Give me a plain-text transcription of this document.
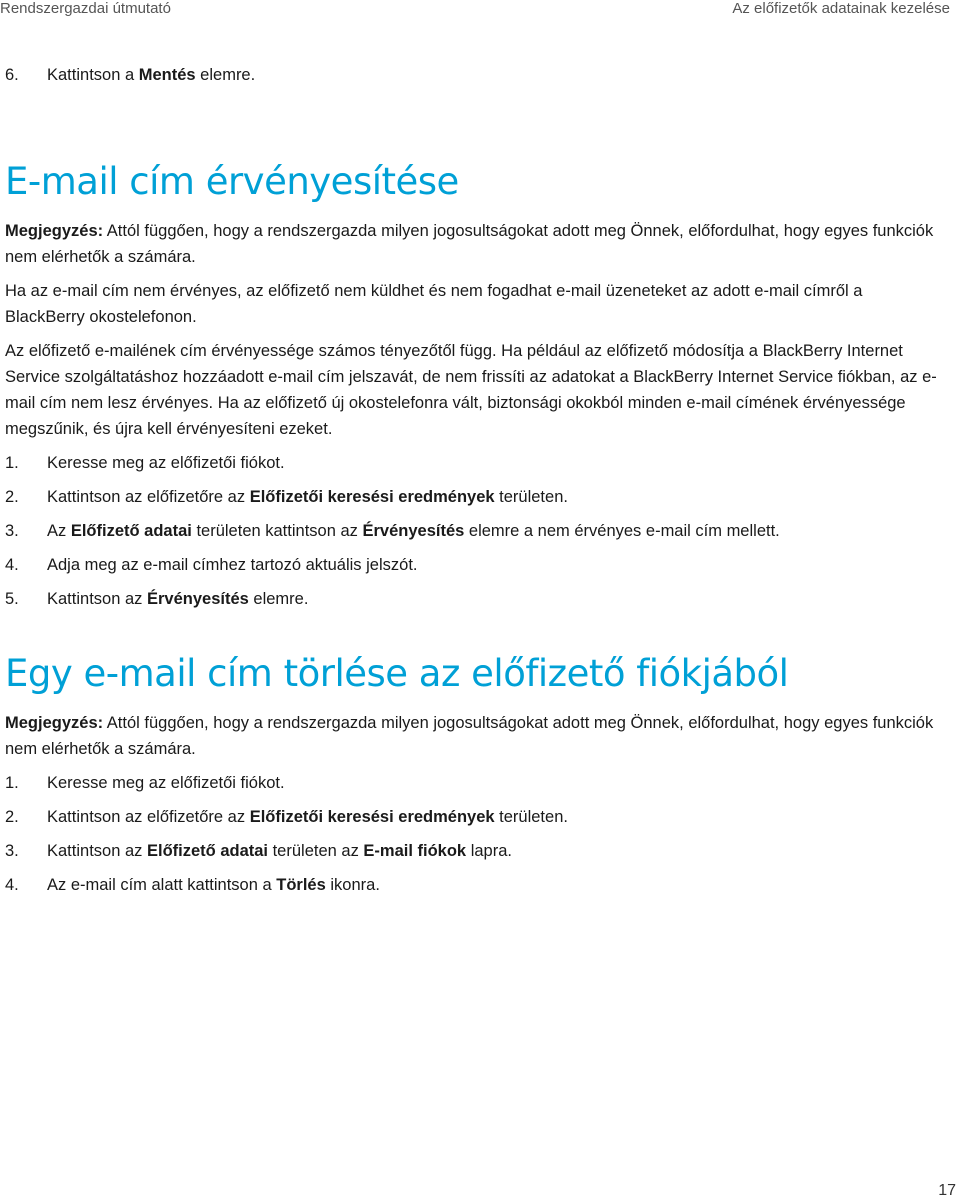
Rendszergazdai útmutató	Az előfizetők adatainak kezelése

6.	Kattintson a Mentés elemre.

E-mail cím érvényesítése

Megjegyzés: Attól függően, hogy a rendszergazda milyen jogosultságokat adott meg Önnek, előfordulhat, hogy egyes funkciók nem elérhetők a számára.

Ha az e-mail cím nem érvényes, az előfizető nem küldhet és nem fogadhat e-mail üzeneteket az adott e-mail címről a BlackBerry okostelefonon.

Az előfizető e-mailének cím érvényessége számos tényezőtől függ. Ha például az előfizető módosítja a BlackBerry Internet Service szolgáltatáshoz hozzáadott e-mail cím jelszavát, de nem frissíti az adatokat a BlackBerry Internet Service fiókban, az e-mail cím nem lesz érvényes. Ha az előfizető új okostelefonra vált, biztonsági okokból minden e-mail címének érvényessége megszűnik, és újra kell érvényesíteni ezeket.

1.	Keresse meg az előfizetői fiókot.

2.	Kattintson az előfizetőre az Előfizetői keresési eredmények területen.

3.	Az Előfizető adatai területen kattintson az Érvényesítés elemre a nem érvényes e-mail cím mellett.

4.	Adja meg az e-mail címhez tartozó aktuális jelszót.

5.	Kattintson az Érvényesítés elemre.

Egy e-mail cím törlése az előfizető fiókjából

Megjegyzés: Attól függően, hogy a rendszergazda milyen jogosultságokat adott meg Önnek, előfordulhat, hogy egyes funkciók nem elérhetők a számára.

1.	Keresse meg az előfizetői fiókot.

2.	Kattintson az előfizetőre az Előfizetői keresési eredmények területen.

3.	Kattintson az Előfizető adatai területen az E-mail fiókok lapra.

4.	Az e-mail cím alatt kattintson a Törlés ikonra.

17
